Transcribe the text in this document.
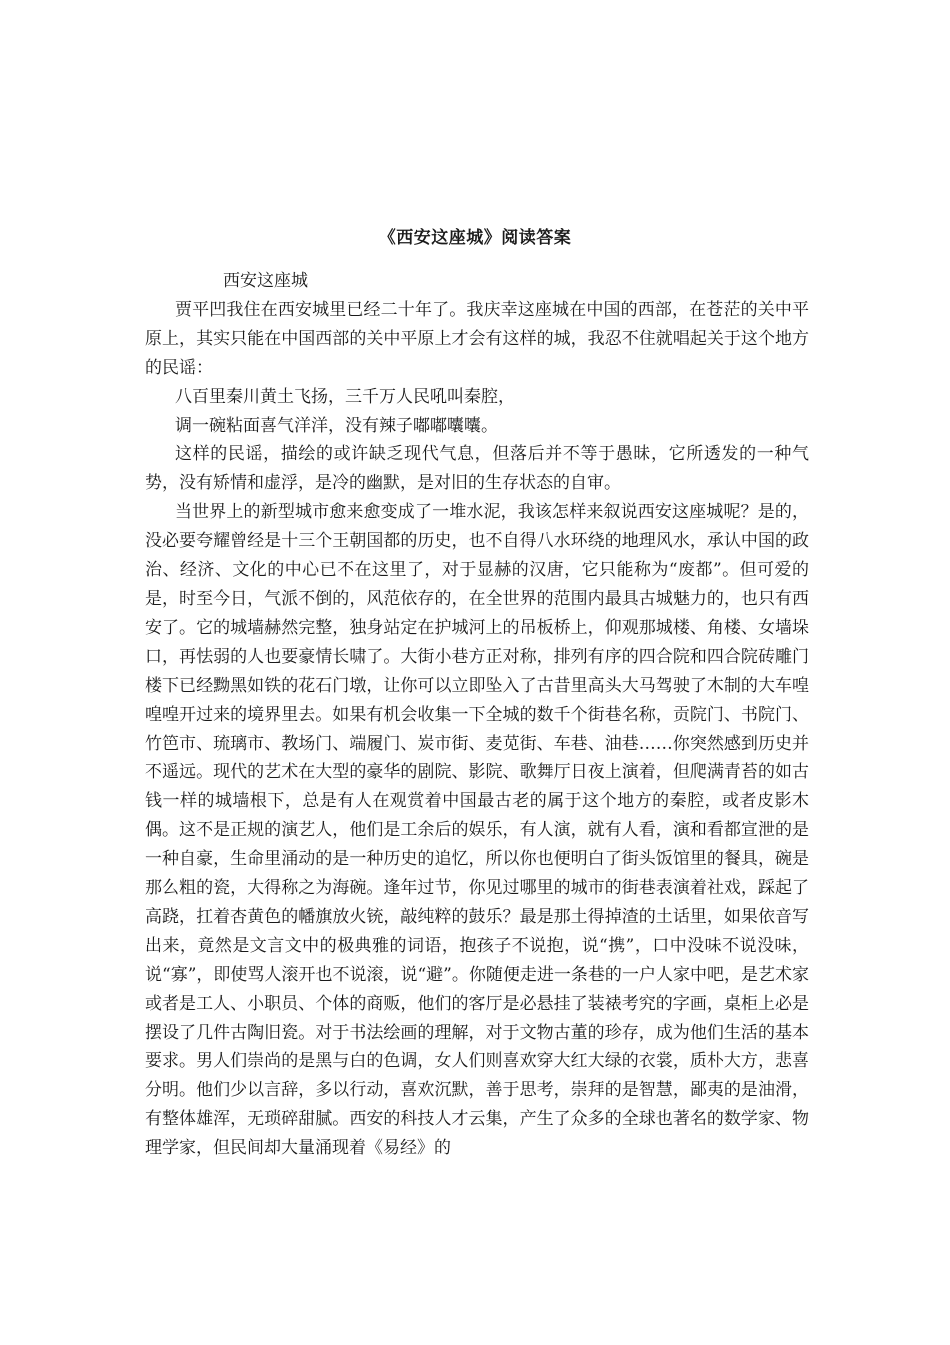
《西安这座城》阅读答案

西安这座城

贾平凹我住在西安城里已经二十年了。我庆幸这座城在中国的西部，在苍茫的关中平原上，其实只能在中国西部的关中平原上才会有这样的城，我忍不住就唱起关于这个地方的民谣：

八百里秦川黄土飞扬，三千万人民吼叫秦腔，

调一碗粘面喜气洋洋，没有辣子嘟嘟囔囔。

这样的民谣，描绘的或许缺乏现代气息，但落后并不等于愚昧，它所透发的一种气势，没有矫情和虚浮，是冷的幽默，是对旧的生存状态的自审。

当世界上的新型城市愈来愈变成了一堆水泥，我该怎样来叙说西安这座城呢？是的，没必要夸耀曾经是十三个王朝国都的历史，也不自得八水环绕的地理风水，承认中国的政治、经济、文化的中心已不在这里了，对于显赫的汉唐，它只能称为“废都”。但可爱的是，时至今日，气派不倒的，风范依存的，在全世界的范围内最具古城魅力的，也只有西安了。它的城墙赫然完整，独身站定在护城河上的吊板桥上，仰观那城楼、角楼、女墙垛口，再怯弱的人也要豪情长啸了。大街小巷方正对称，排列有序的四合院和四合院砖雕门楼下已经黝黑如铁的花石门墩，让你可以立即坠入了古昔里高头大马驾驶了木制的大车喤喤喤开过来的境界里去。如果有机会收集一下全城的数千个街巷名称，贡院门、书院门、竹笆市、琉璃市、教场门、端履门、炭市街、麦苋街、车巷、油巷……你突然感到历史并不遥远。现代的艺术在大型的豪华的剧院、影院、歌舞厅日夜上演着，但爬满青苔的如古钱一样的城墙根下，总是有人在观赏着中国最古老的属于这个地方的秦腔，或者皮影木偶。这不是正规的演艺人，他们是工余后的娱乐，有人演，就有人看，演和看都宣泄的是一种自豪，生命里涌动的是一种历史的追忆，所以你也便明白了街头饭馆里的餐具，碗是那么粗的瓷，大得称之为海碗。逢年过节，你见过哪里的城市的街巷表演着社戏，踩起了高跷，扛着杏黄色的幡旗放火铳，敲纯粹的鼓乐？最是那土得掉渣的土话里，如果依音写出来，竟然是文言文中的极典雅的词语，抱孩子不说抱，说“携”，口中没味不说没味，说“寡”，即使骂人滚开也不说滚，说“避”。你随便走进一条巷的一户人家中吧，是艺术家或者是工人、小职员、个体的商贩，他们的客厅是必悬挂了装裱考究的字画，桌柜上必是摆设了几件古陶旧瓷。对于书法绘画的理解，对于文物古董的珍存，成为他们生活的基本要求。男人们崇尚的是黑与白的色调，女人们则喜欢穿大红大绿的衣裳，质朴大方，悲喜分明。他们少以言辞，多以行动，喜欢沉默，善于思考，崇拜的是智慧，鄙夷的是油滑，有整体雄浑，无琐碎甜腻。西安的科技人才云集，产生了众多的全球也著名的数学家、物理学家，但民间却大量涌现着《易经》的
